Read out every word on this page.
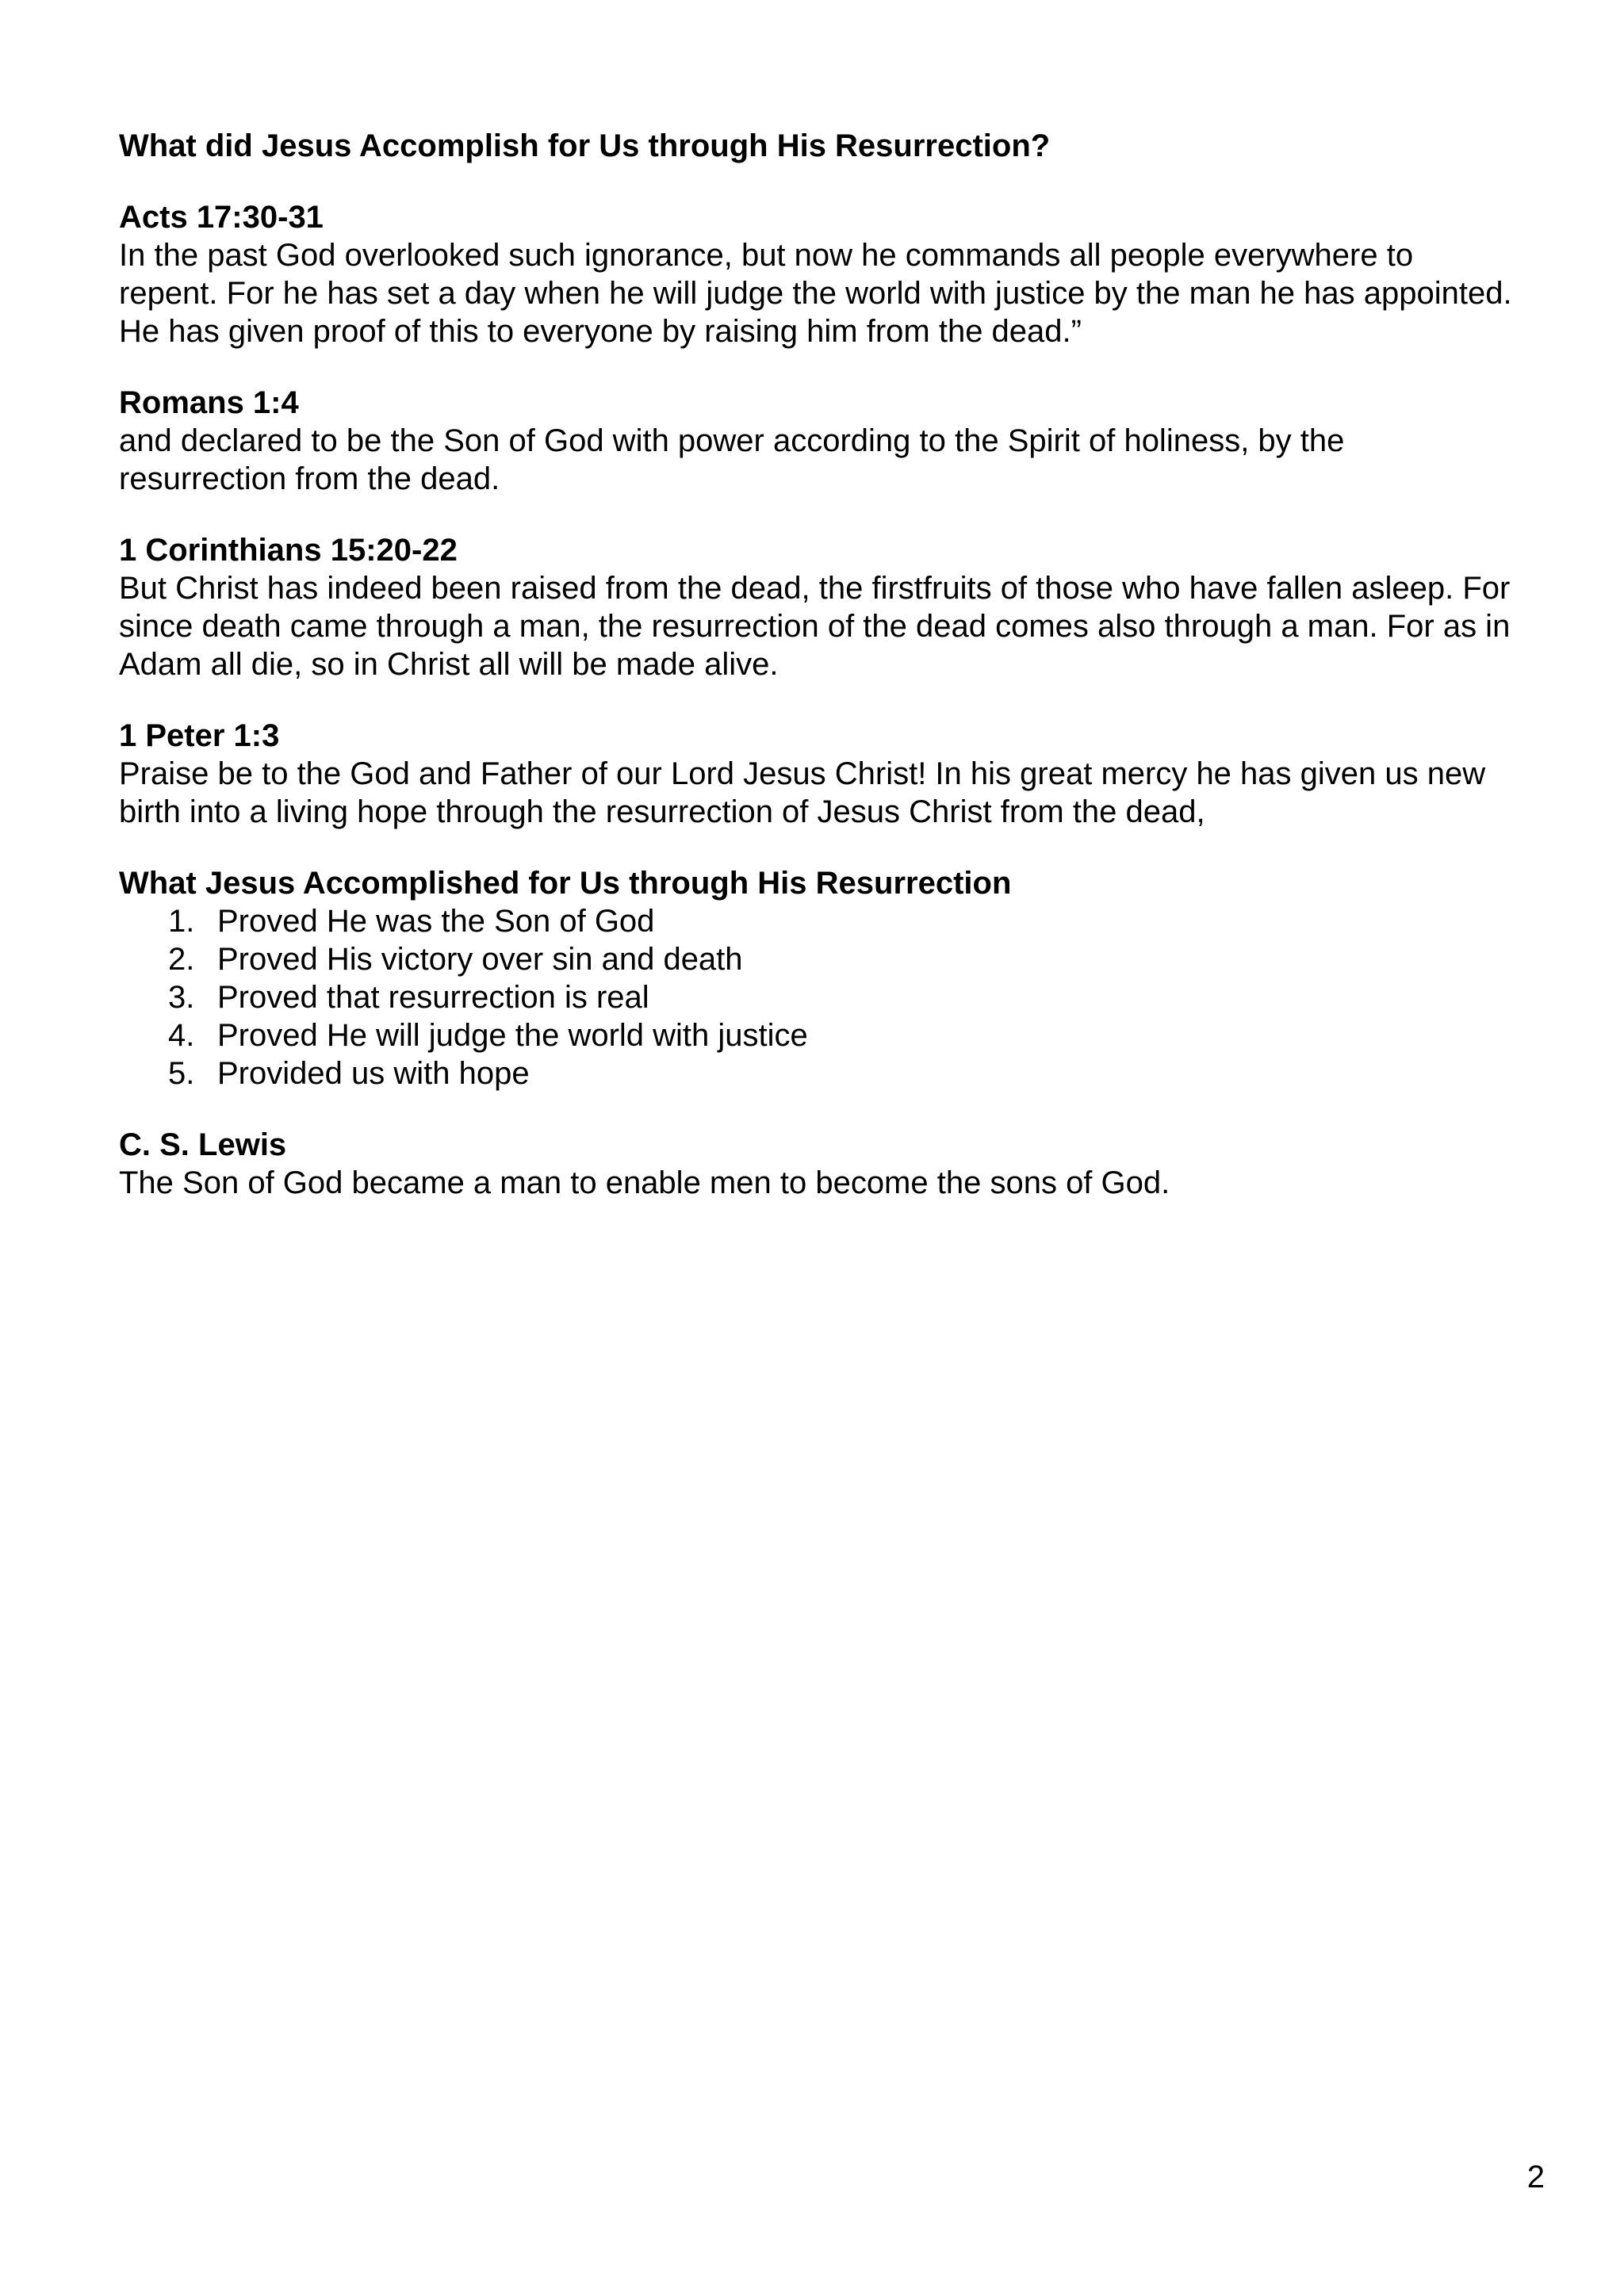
What did Jesus Accomplish for Us through His Resurrection?

Acts 17:30-31

In the past God overlooked such ignorance, but now he commands all people everywhere to repent. For he has set a day when he will judge the world with justice by the man he has appointed. He has given proof of this to everyone by raising him from the dead.”

Romans 1:4

and declared to be the Son of God with power according to the Spirit of holiness, by the resurrection from the dead.

1 Corinthians 15:20-22

But Christ has indeed been raised from the dead, the firstfruits of those who have fallen asleep. For since death came through a man, the resurrection of the dead comes also through a man. For as in Adam all die, so in Christ all will be made alive.

1 Peter 1:3

Praise be to the God and Father of our Lord Jesus Christ! In his great mercy he has given us new birth into a living hope through the resurrection of Jesus Christ from the dead,

What Jesus Accomplished for Us through His Resurrection

1. Proved He was the Son of God
2. Proved His victory over sin and death
3. Proved that resurrection is real
4. Proved He will judge the world with justice
5. Provided us with hope

C. S. Lewis

The Son of God became a man to enable men to become the sons of God.

2
